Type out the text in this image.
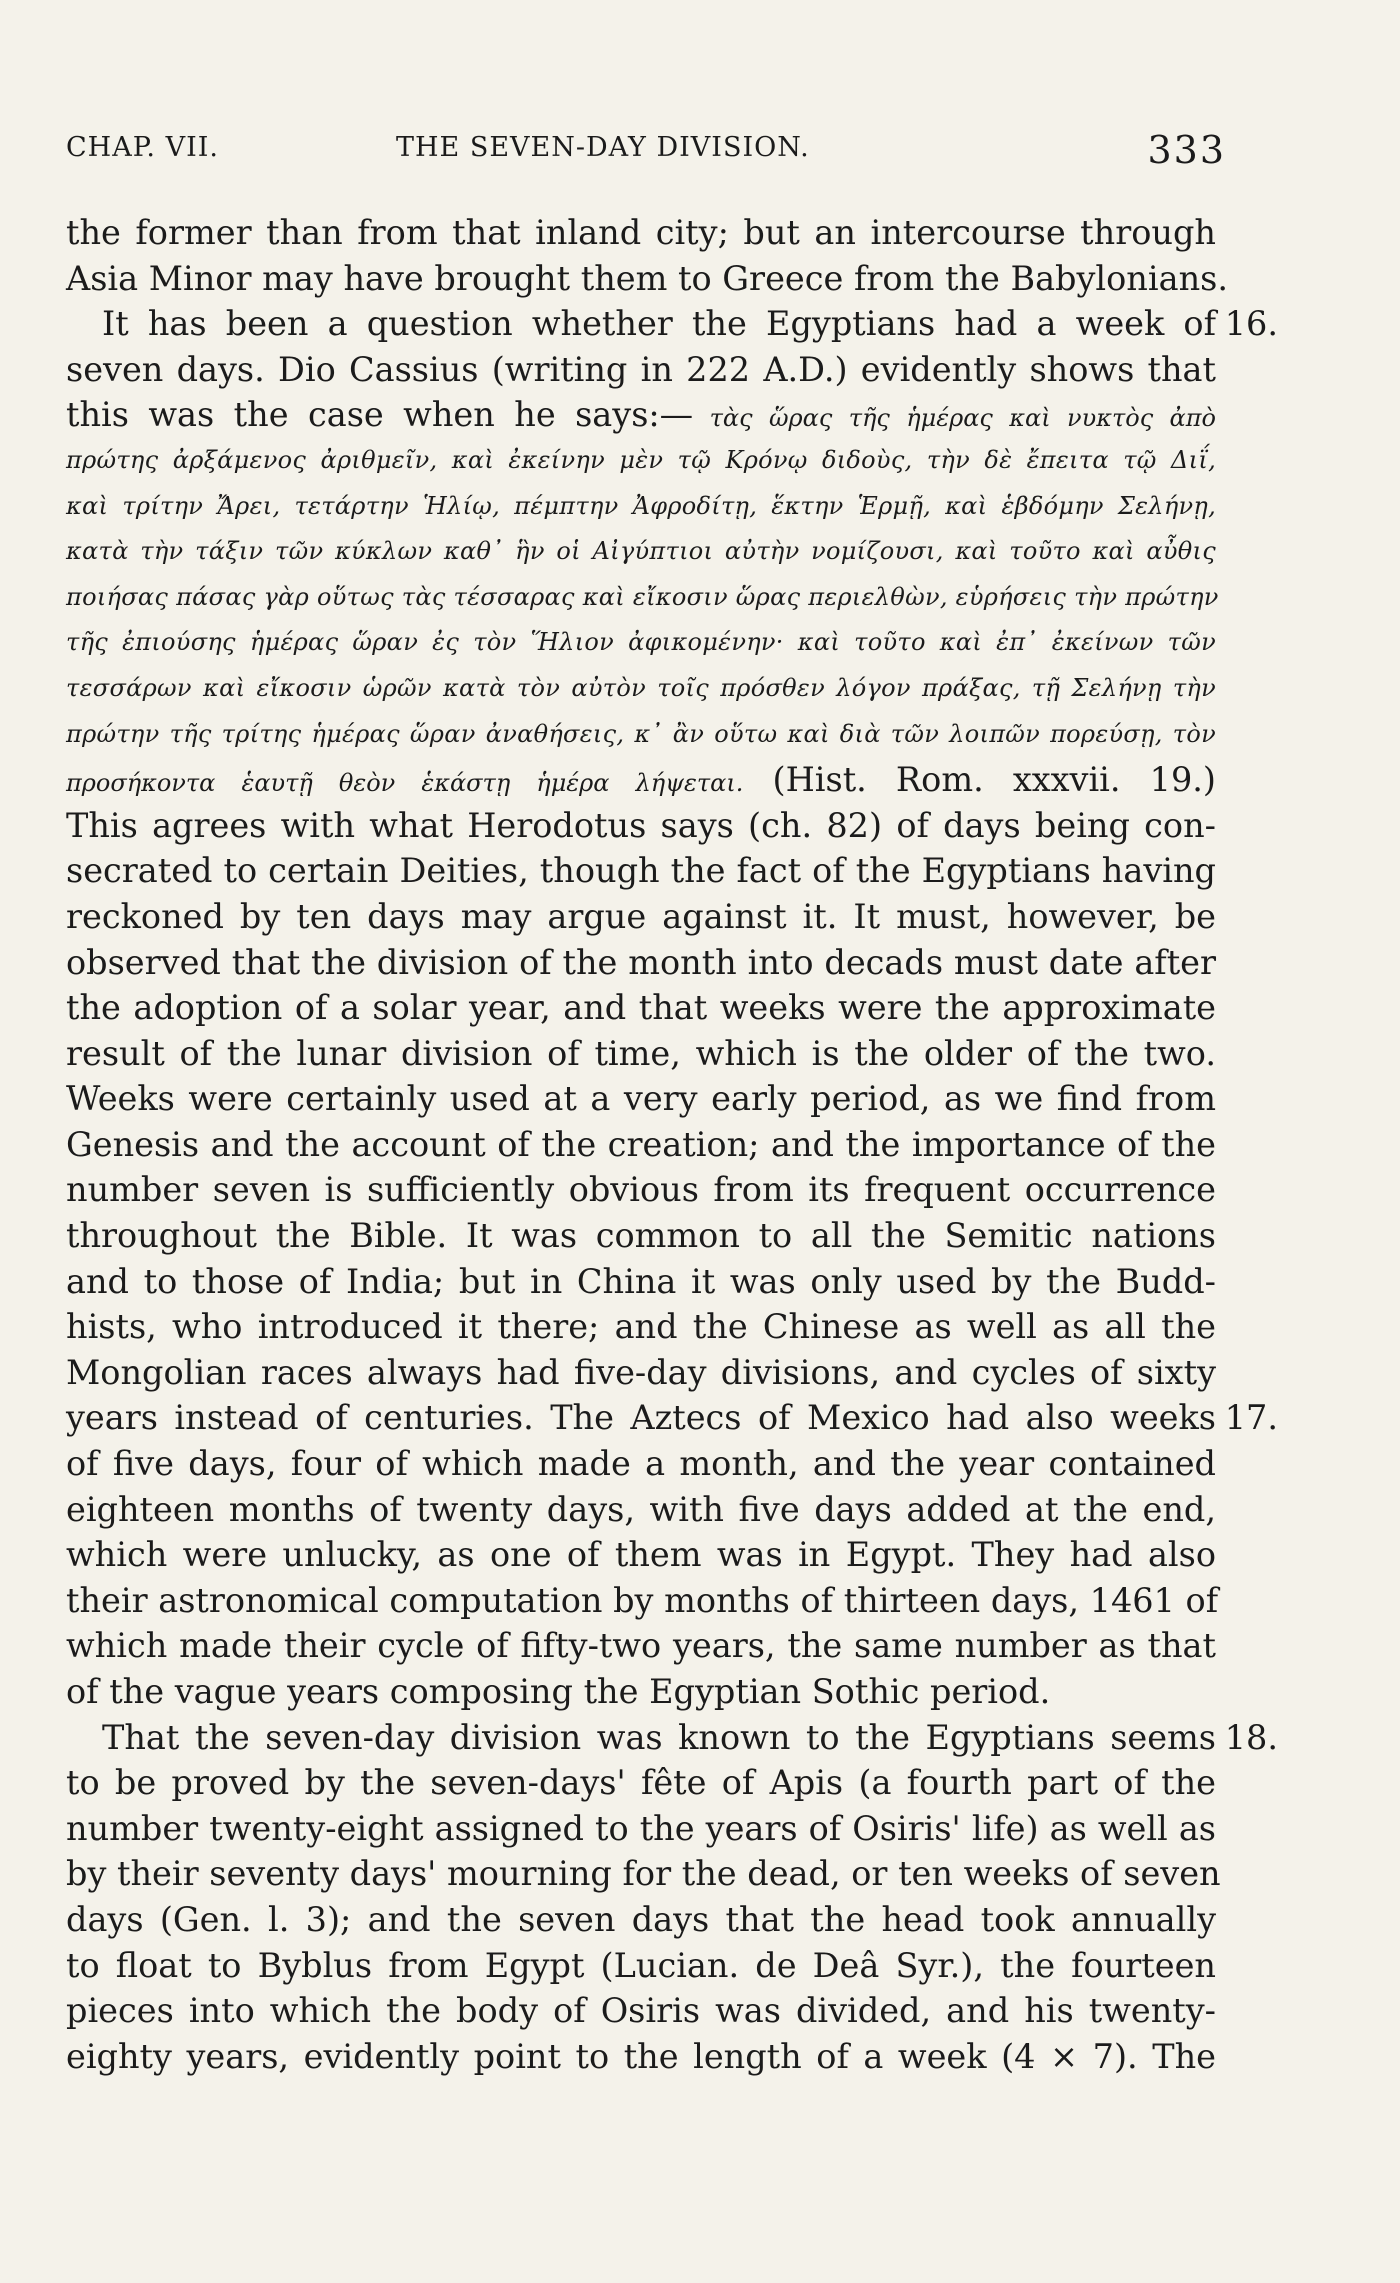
CHAP. VII.	THE SEVEN-DAY DIVISION.	333
the former than from that inland city; but an intercourse through
Asia Minor may have brought them to Greece from the Babylonians.
It has been a question whether the Egyptians had a week of 16.
seven days. Dio Cassius (writing in 222 A.D.) evidently shows that
this was the case when he says:— τὰς ὥρας τῆς ἡμέρας καὶ νυκτὸς ἀπὸ
πρώτης ἀρξάμενος ἀριθμεῖν, καὶ ἐκείνην μὲν τῷ Κρόνῳ διδοὺς, τὴν δὲ ἔπειτα τῷ Διΐ,
καὶ τρίτην Ἄρει, τετάρτην Ἡλίῳ, πέμπτην Ἀφροδίτῃ, ἕκτην Ἑρμῇ, καὶ ἑβδόμην Σελήνῃ,
κατὰ τὴν τάξιν τῶν κύκλων καθ᾽ ἣν οἱ Αἰγύπτιοι αὐτὴν νομίζουσι, καὶ τοῦτο καὶ αὖθις
ποιήσας πάσας γὰρ οὕτως τὰς τέσσαρας καὶ εἴκοσιν ὥρας περιελθὼν, εὑρήσεις τὴν πρώτην
τῆς ἐπιούσης ἡμέρας ὥραν ἐς τὸν Ἥλιον ἀφικομένην· καὶ τοῦτο καὶ ἐπ᾽ ἐκείνων τῶν
τεσσάρων καὶ εἴκοσιν ὡρῶν κατὰ τὸν αὐτὸν τοῖς πρόσθεν λόγον πράξας, τῇ Σελήνῃ τὴν
πρώτην τῆς τρίτης ἡμέρας ὥραν ἀναθήσεις, κ᾽ ἂν οὕτω καὶ διὰ τῶν λοιπῶν πορεύσῃ, τὸν
προσήκοντα ἑαυτῇ θεὸν ἑκάστῃ ἡμέρα λήψεται. (Hist. Rom. xxxvii. 19.)
This agrees with what Herodotus says (ch. 82) of days being con-
secrated to certain Deities, though the fact of the Egyptians having
reckoned by ten days may argue against it. It must, however, be
observed that the division of the month into decads must date after
the adoption of a solar year, and that weeks were the approximate
result of the lunar division of time, which is the older of the two.
Weeks were certainly used at a very early period, as we find from
Genesis and the account of the creation; and the importance of the
number seven is sufficiently obvious from its frequent occurrence
throughout the Bible. It was common to all the Semitic nations
and to those of India; but in China it was only used by the Budd-
hists, who introduced it there; and the Chinese as well as all the
Mongolian races always had five-day divisions, and cycles of sixty
years instead of centuries. The Aztecs of Mexico had also weeks 17.
of five days, four of which made a month, and the year contained
eighteen months of twenty days, with five days added at the end,
which were unlucky, as one of them was in Egypt. They had also
their astronomical computation by months of thirteen days, 1461 of
which made their cycle of fifty-two years, the same number as that
of the vague years composing the Egyptian Sothic period.
That the seven-day division was known to the Egyptians seems 18.
to be proved by the seven-days' fête of Apis (a fourth part of the
number twenty-eight assigned to the years of Osiris' life) as well as
by their seventy days' mourning for the dead, or ten weeks of seven
days (Gen. l. 3); and the seven days that the head took annually
to float to Byblus from Egypt (Lucian. de Deâ Syr.), the fourteen
pieces into which the body of Osiris was divided, and his twenty-
eighty years, evidently point to the length of a week (4 × 7). The
